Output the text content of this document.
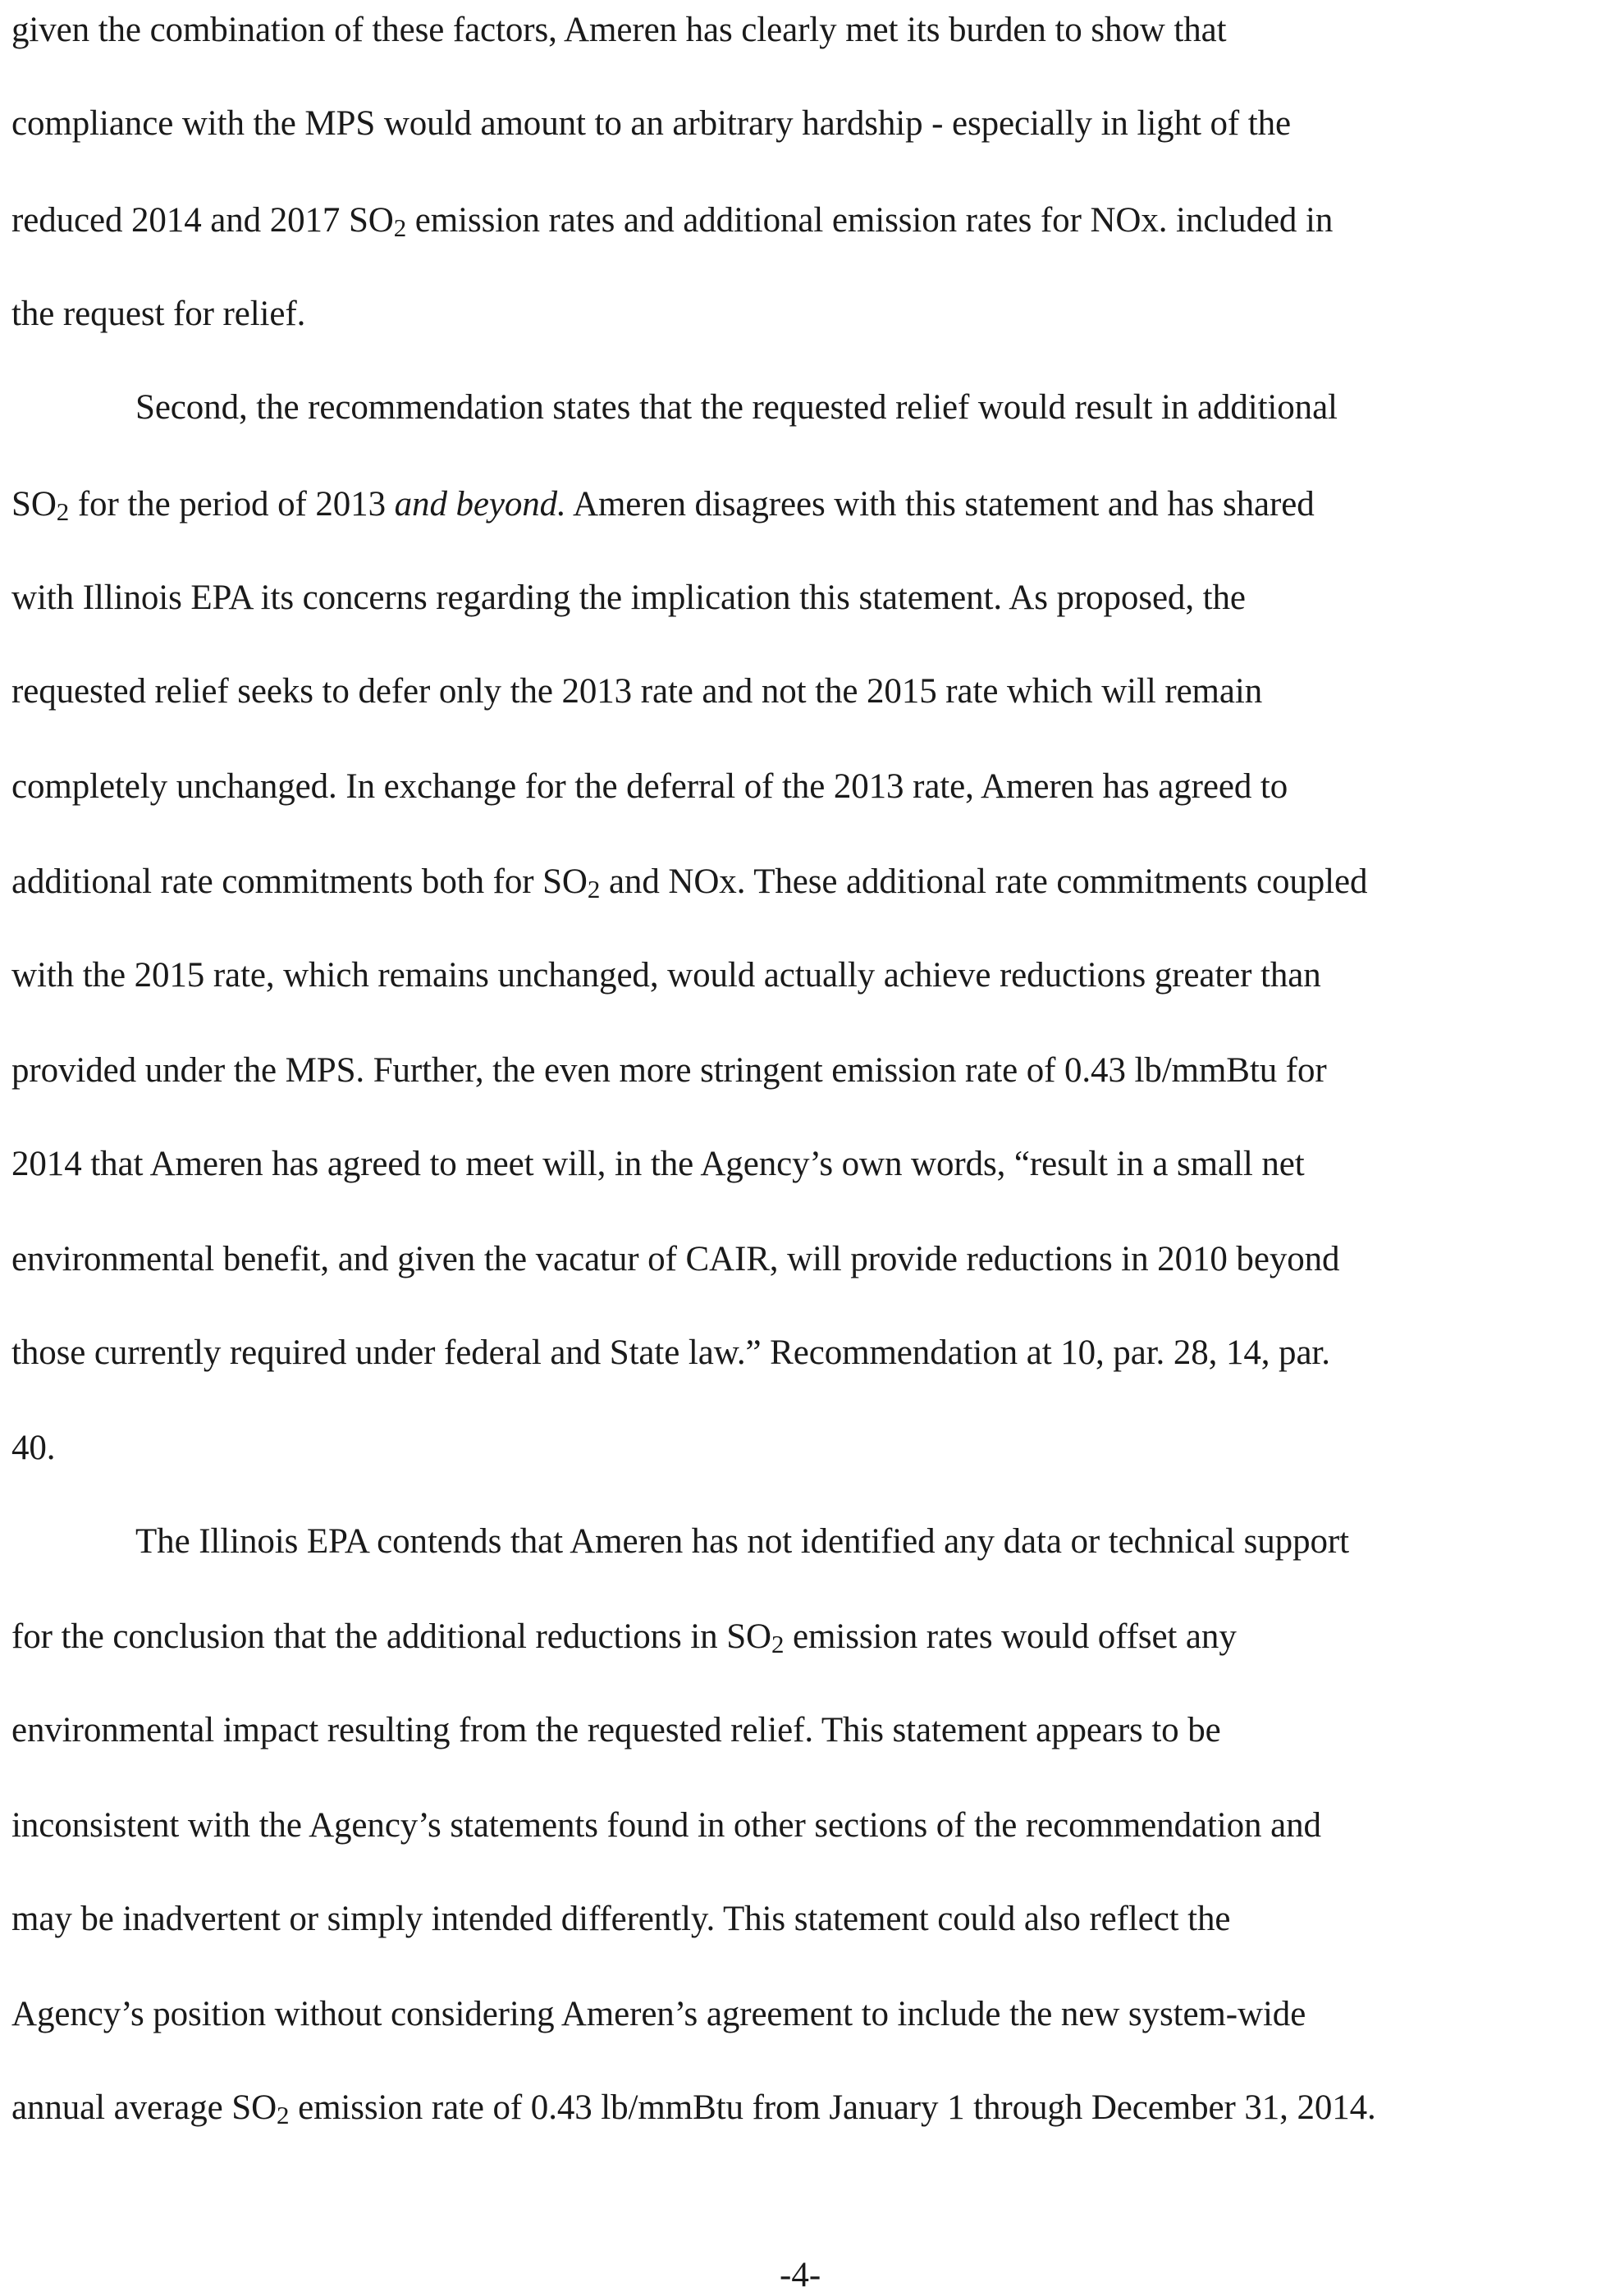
given the combination of these factors, Ameren has clearly met its burden to show that
compliance with the MPS would amount to an arbitrary hardship - especially in light of the
reduced 2014 and 2017 $SO_2$ emission rates and additional emission rates for NOx. included in
the request for relief.
Second, the recommendation states that the requested relief would result in additional
$SO_2$ for the period of 2013 and beyond. Ameren disagrees with this statement and has shared
with Illinois EPA its concerns regarding the implication this statement. As proposed, the
requested relief seeks to defer only the 2013 rate and not the 2015 rate which will remain
completely unchanged. In exchange for the deferral of the 2013 rate, Ameren has agreed to
additional rate commitments both for $SO_2$ and NOx. These additional rate commitments coupled
with the 2015 rate, which remains unchanged, would actually achieve reductions greater than
provided under the MPS. Further, the even more stringent emission rate of 0.43 lb/mmBtu for
2014 that Ameren has agreed to meet will, in the Agency’s own words, “result in a small net
environmental benefit, and given the vacatur of CAIR, will provide reductions in 2010 beyond
those currently required under federal and State law.” Recommendation at 10, par. 28, 14, par.
40.
The Illinois EPA contends that Ameren has not identified any data or technical support
for the conclusion that the additional reductions in $SO_2$ emission rates would offset any
environmental impact resulting from the requested relief. This statement appears to be
inconsistent with the Agency’s statements found in other sections of the recommendation and
may be inadvertent or simply intended differently. This statement could also reflect the
Agency’s position without considering Ameren’s agreement to include the new system-wide
annual average $SO_2$ emission rate of 0.43 lb/mmBtu from January 1 through December 31, 2014.
-4-
